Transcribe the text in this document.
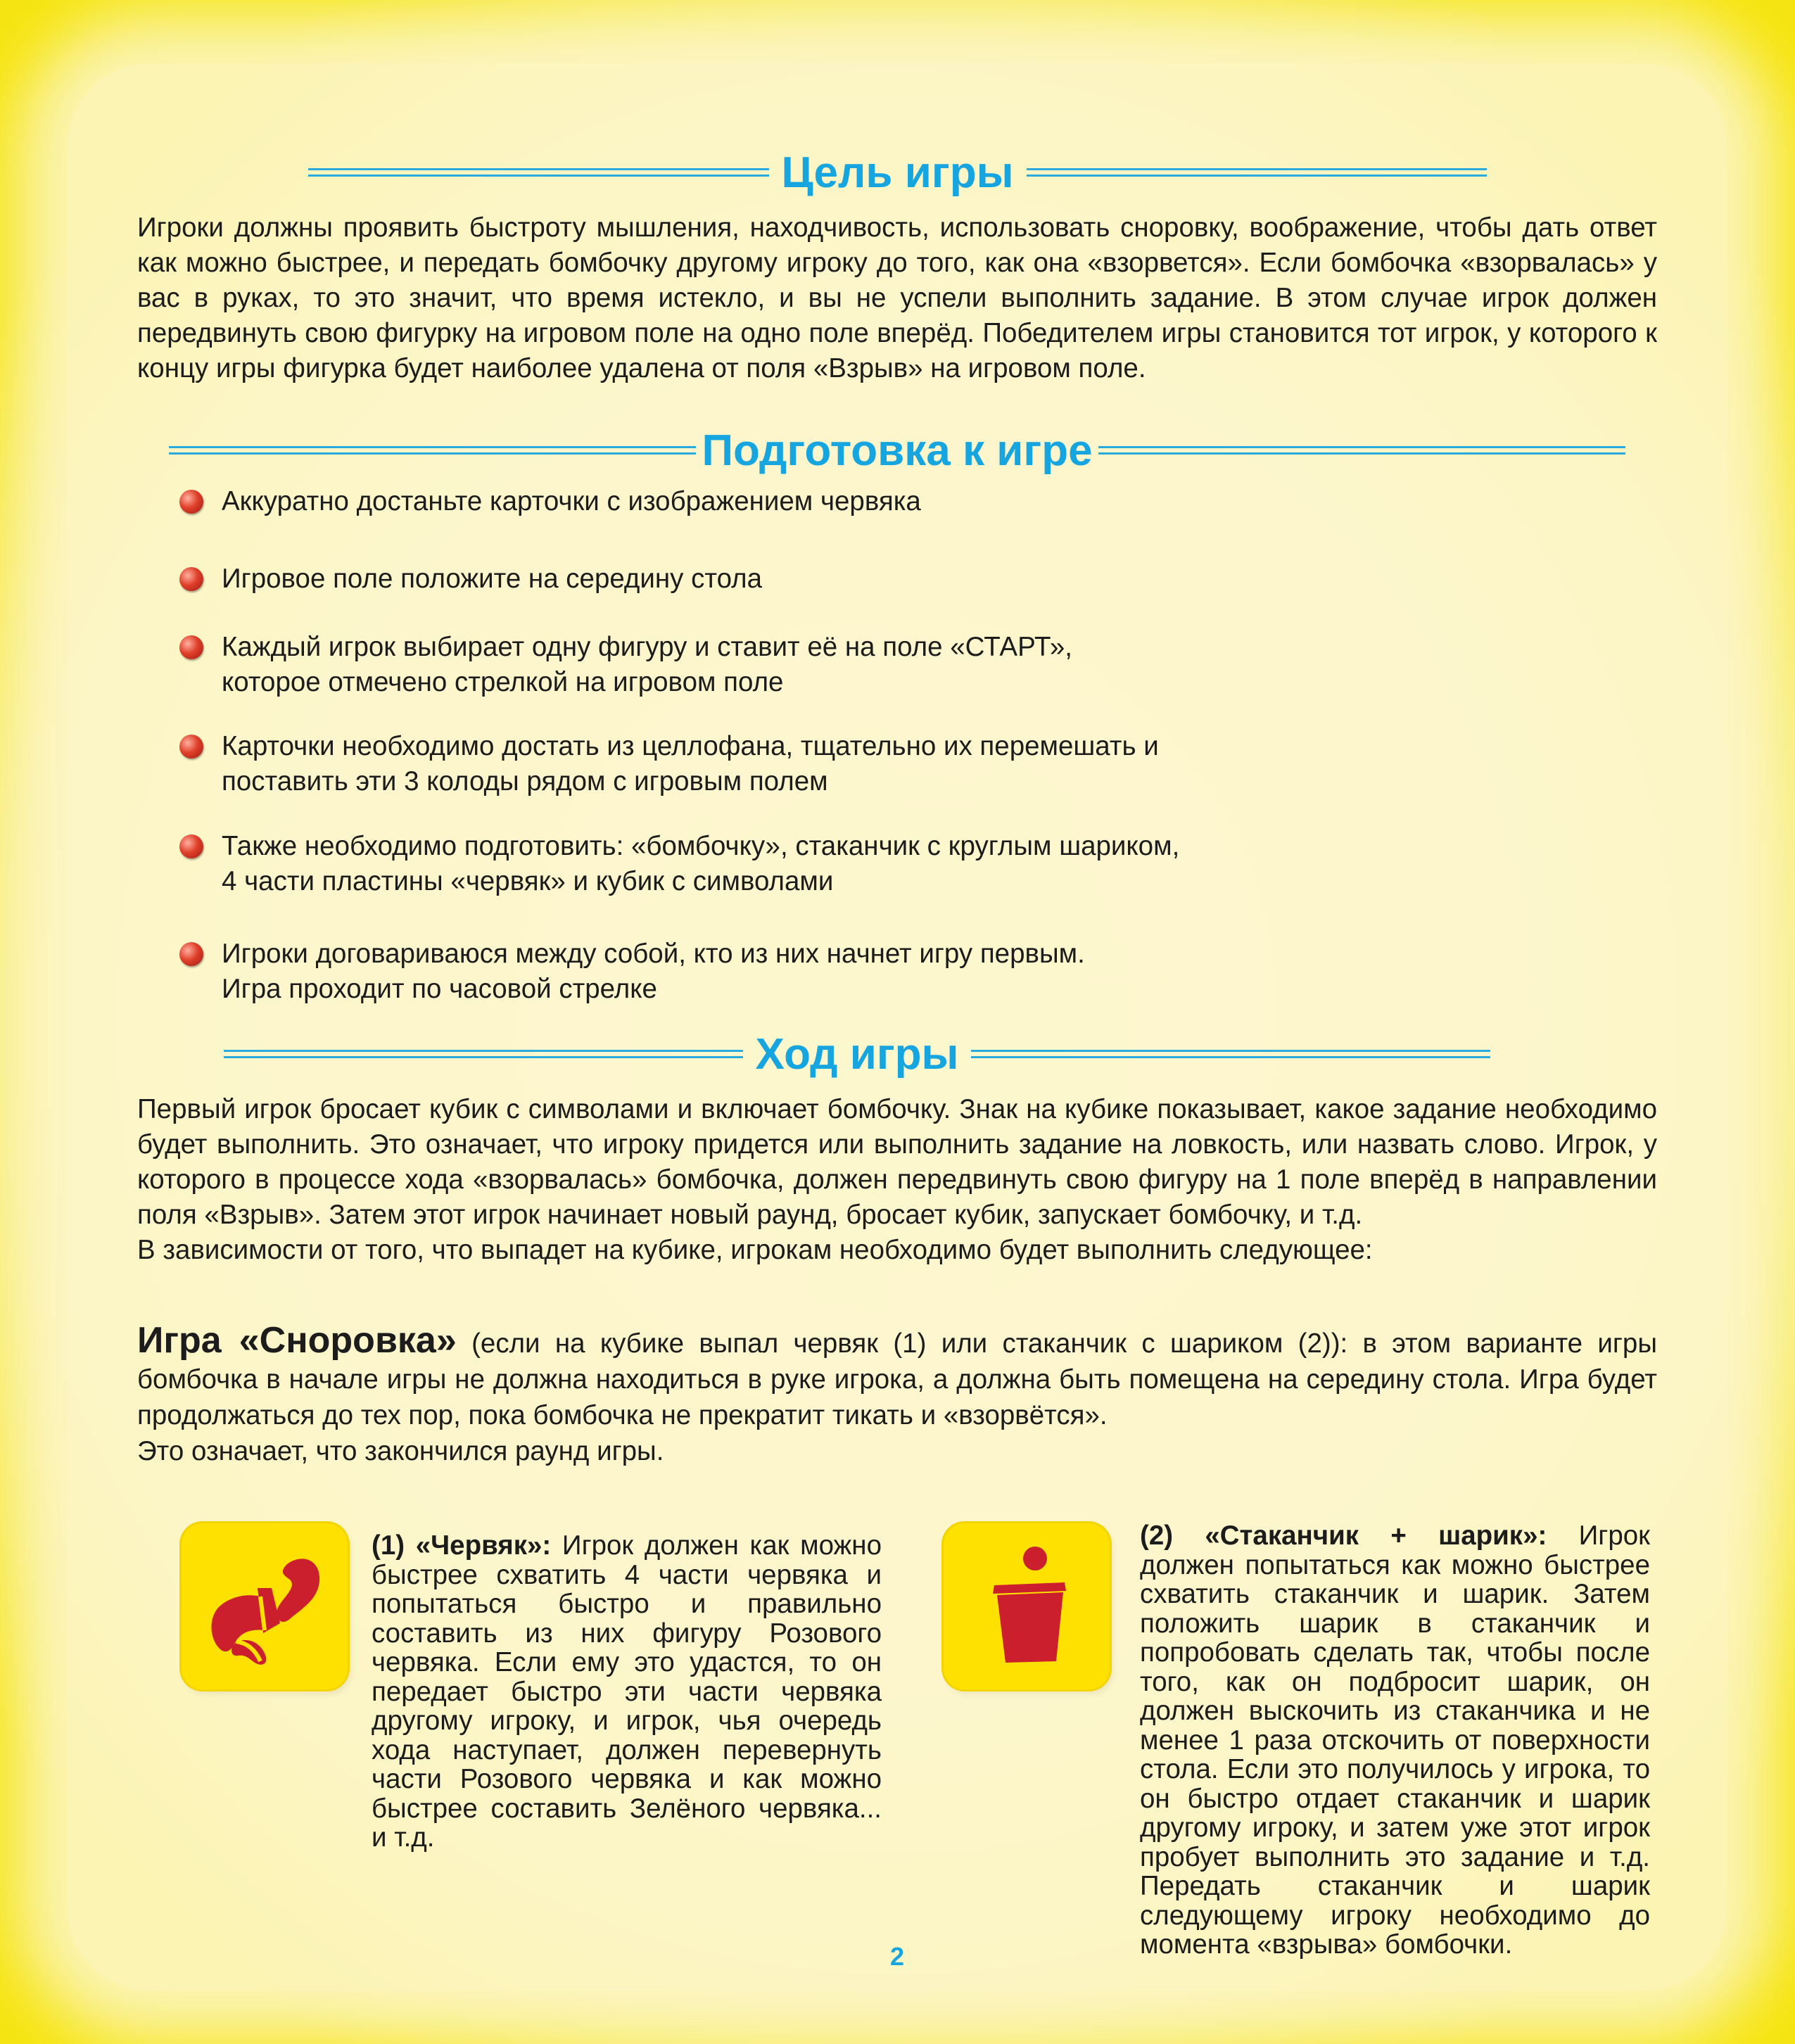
Цель игры

Игроки должны проявить быстроту мышления, находчивость, использовать сноровку, воображение, чтобы дать ответ как можно быстрее, и передать бомбочку другому игроку до того, как она «взорвется». Если бомбочка «взорвалась» у вас в руках, то это значит, что время истекло, и вы не успели выполнить задание. В этом случае игрок должен передвинуть свою фигурку на игровом поле на одно поле вперёд. Победителем игры становится тот игрок, у которого к концу игры фигурка будет наиболее удалена от поля «Взрыв» на игровом поле.

Подготовка к игре
Аккуратно достаньте карточки с изображением червяка
Игровое поле положите на середину стола
Каждый игрок выбирает одну фигуру и ставит её на поле «СТАРТ»,
которое отмечено стрелкой на игровом поле
Карточки необходимо достать из целлофана, тщательно их перемешать и
поставить эти 3 колоды рядом с игровым полем
Также необходимо подготовить: «бомбочку», стаканчик с круглым шариком,
4 части пластины «червяк» и кубик с символами
Игроки договариваюся между собой, кто из них начнет игру первым.
Игра проходит по часовой стрелке
Ход игры

Первый игрок бросает кубик с символами и включает бомбочку. Знак на кубике показывает, какое задание необходимо будет выполнить. Это означает, что игроку придется или выполнить задание на ловкость, или назвать слово. Игрок, у которого в процессе хода «взорвалась» бомбочка, должен передвинуть свою фигуру на 1 поле вперёд в направлении поля «Взрыв». Затем этот игрок начинает новый раунд, бросает кубик, запускает бомбочку, и т.д.

В зависимости от того, что выпадет на кубике, игрокам необходимо будет выполнить следующее:

Игра «Сноровка» (если на кубике выпал червяк (1) или стаканчик с шариком (2)): в этом варианте игры бомбочка в начале игры не должна находиться в руке игрока, а должна быть помещена на середину стола. Игра будет продолжаться до тех пор, пока бомбочка не прекратит тикать и «взорвётся».

Это означает, что закончился раунд игры.

(1) «Червяк»: Игрок должен как можно быстрее схватить 4 части червяка и попытаться быстро и правильно составить из них фигуру Розового червяка. Если ему это удастся, то он передает быстро эти части червяка другому игроку, и игрок, чья очередь хода наступает, должен перевернуть части Розового червяка и как можно быстрее составить Зелёного червяка... и т.д.
(2) «Стаканчик + шарик»: Игрок должен попытаться как можно быстрее схватить стаканчик и шарик. Затем положить шарик в стаканчик и попробовать сделать так, чтобы после того, как он подбросит шарик, он должен выскочить из стаканчика и не менее 1 раза отскочить от поверхности стола. Если это получилось у игрока, то он быстро отдает стаканчик и шарик другому игроку, и затем уже этот игрок пробует выполнить это задание и т.д. Передать стаканчик и шарик следующему игроку необходимо до момента «взрыва» бомбочки.
2
